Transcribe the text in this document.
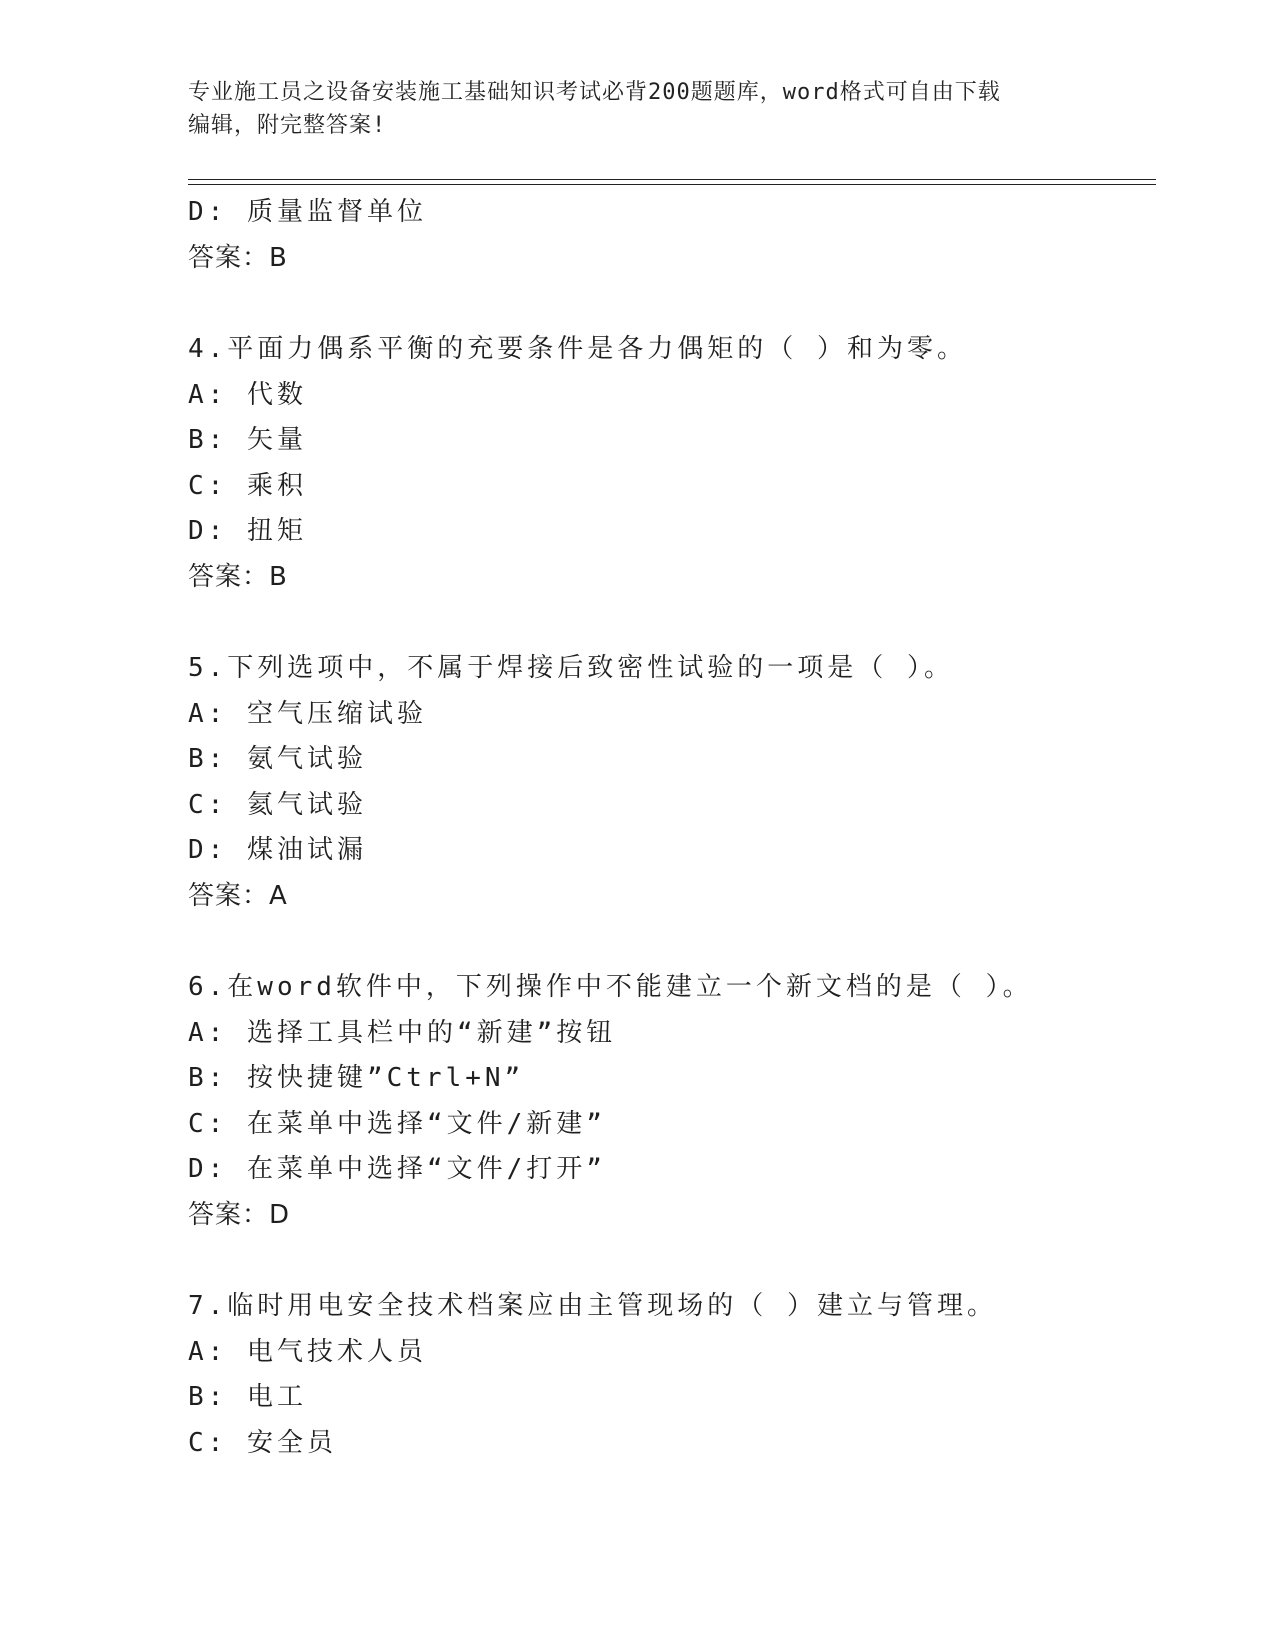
专业施工员之设备安装施工基础知识考试必背200题题库，word格式可自由下载
编辑，附完整答案!
D: 质量监督单位
答案：B
4.平面力偶系平衡的充要条件是各力偶矩的（ ）和为零。
A: 代数
B: 矢量
C: 乘积
D: 扭矩
答案：B
5.下列选项中，不属于焊接后致密性试验的一项是（ ）。
A: 空气压缩试验
B: 氨气试验
C: 氦气试验
D: 煤油试漏
答案：A
6.在word软件中，下列操作中不能建立一个新文档的是（ ）。
A: 选择工具栏中的“新建”按钮
B: 按快捷键”Ctrl+N”
C: 在菜单中选择“文件/新建”
D: 在菜单中选择“文件/打开”
答案：D
7.临时用电安全技术档案应由主管现场的（ ）建立与管理。
A: 电气技术人员
B: 电工
C: 安全员
